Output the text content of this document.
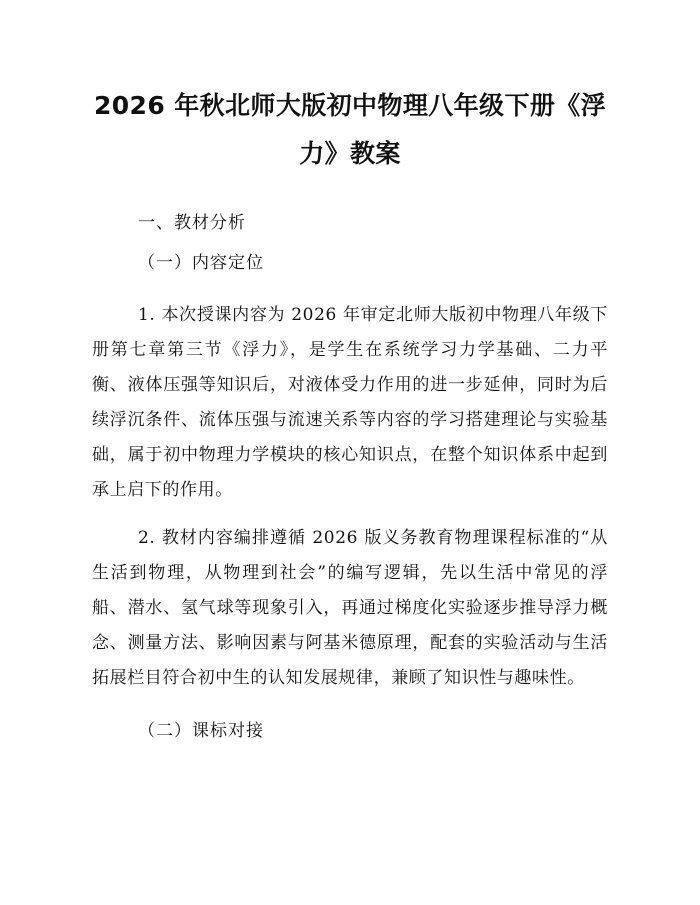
2026 年秋北师大版初中物理八年级下册《浮力》教案

一、教材分析

（一）内容定位

1. 本次授课内容为 2026 年审定北师大版初中物理八年级下册第七章第三节《浮力》，是学生在系统学习力学基础、二力平衡、液体压强等知识后，对液体受力作用的进一步延伸，同时为后续浮沉条件、流体压强与流速关系等内容的学习搭建理论与实验基础，属于初中物理力学模块的核心知识点，在整个知识体系中起到承上启下的作用。

2. 教材内容编排遵循 2026 版义务教育物理课程标准的“从生活到物理，从物理到社会”的编写逻辑，先以生活中常见的浮船、潜水、氢气球等现象引入，再通过梯度化实验逐步推导浮力概念、测量方法、影响因素与阿基米德原理，配套的实验活动与生活拓展栏目符合初中生的认知发展规律，兼顾了知识性与趣味性。

（二）课标对接
